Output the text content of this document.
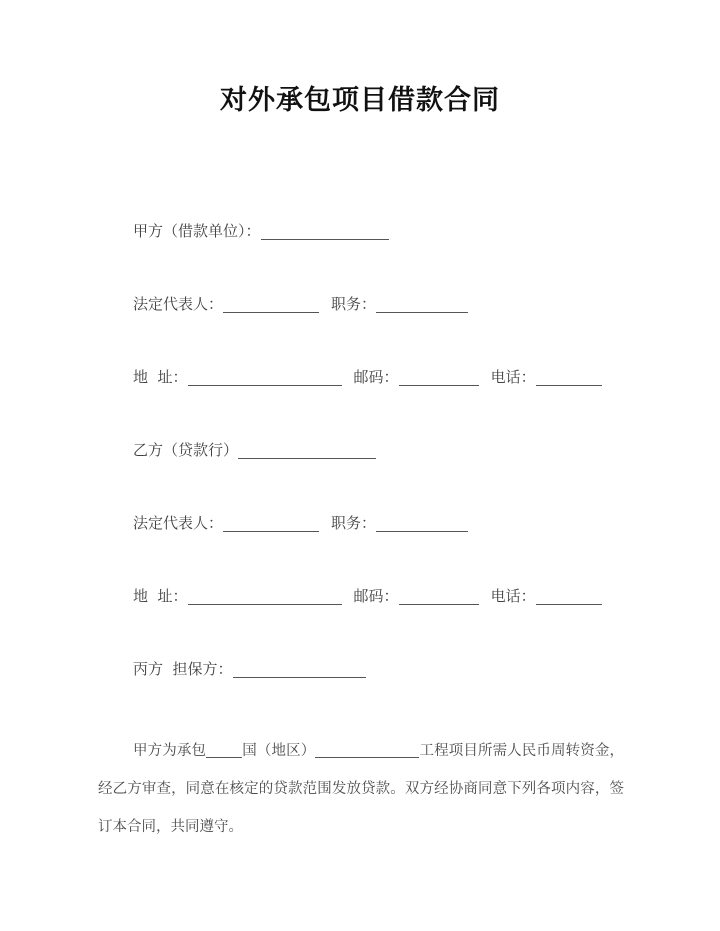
对外承包项目借款合同
甲方（借款单位）：
法定代表人：	职务：
地  址：	邮码：	电话：
乙方（贷款行）
法定代表人：	职务：
地  址：	邮码：	电话：
丙方  担保方：

甲方为承包 国（地区）	工程项目所需人民币周转资金，经乙方审查，同意在核定的贷款范围发放贷款。双方经协商同意下列各项内容，签订本合同，共同遵守。
